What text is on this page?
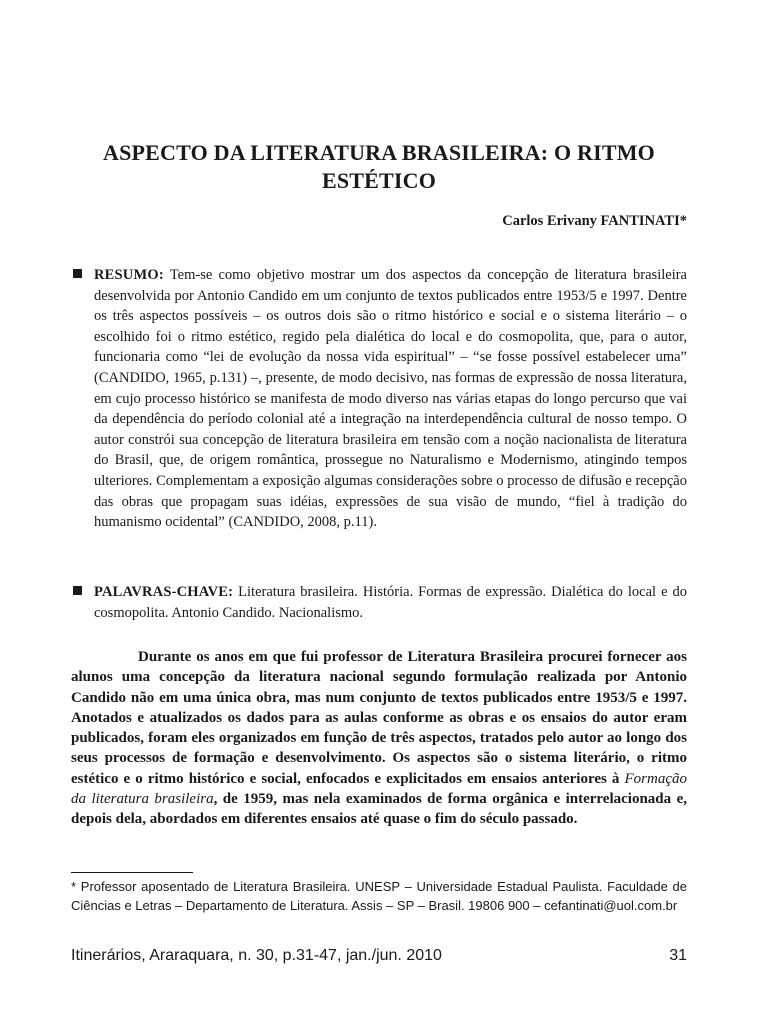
ASPECTO DA LITERATURA BRASILEIRA: O RITMO ESTÉTICO
Carlos Erivany FANTINATI*

RESUMO: Tem-se como objetivo mostrar um dos aspectos da concepção de literatura brasileira desenvolvida por Antonio Candido em um conjunto de textos publicados entre 1953/5 e 1997. Dentre os três aspectos possíveis – os outros dois são o ritmo histórico e social e o sistema literário – o escolhido foi o ritmo estético, regido pela dialética do local e do cosmopolita, que, para o autor, funcionaria como “lei de evolução da nossa vida espiritual” – “se fosse possível estabelecer uma” (CANDIDO, 1965, p.131) –, presente, de modo decisivo, nas formas de expressão de nossa literatura, em cujo processo histórico se manifesta de modo diverso nas várias etapas do longo percurso que vai da dependência do período colonial até a integração na interdependência cultural de nosso tempo. O autor constrói sua concepção de literatura brasileira em tensão com a noção nacionalista de literatura do Brasil, que, de origem romântica, prossegue no Naturalismo e Modernismo, atingindo tempos ulteriores. Complementam a exposição algumas considerações sobre o processo de difusão e recepção das obras que propagam suas idéias, expressões de sua visão de mundo, “fiel à tradição do humanismo ocidental” (CANDIDO, 2008, p.11).

PALAVRAS-CHAVE: Literatura brasileira. História. Formas de expressão. Dialética do local e do cosmopolita. Antonio Candido. Nacionalismo.

Durante os anos em que fui professor de Literatura Brasileira procurei fornecer aos alunos uma concepção da literatura nacional segundo formulação realizada por Antonio Candido não em uma única obra, mas num conjunto de textos publicados entre 1953/5 e 1997. Anotados e atualizados os dados para as aulas conforme as obras e os ensaios do autor eram publicados, foram eles organizados em função de três aspectos, tratados pelo autor ao longo dos seus processos de formação e desenvolvimento. Os aspectos são o sistema literário, o ritmo estético e o ritmo histórico e social, enfocados e explicitados em ensaios anteriores à Formação da literatura brasileira, de 1959, mas nela examinados de forma orgânica e interrelacionada e, depois dela, abordados em diferentes ensaios até quase o fim do século passado.

* Professor aposentado de Literatura Brasileira. UNESP – Universidade Estadual Paulista. Faculdade de Ciências e Letras – Departamento de Literatura. Assis – SP – Brasil. 19806 900 – cefantinati@uol.com.br

Itinerários, Araraquara, n. 30, p.31-47, jan./jun. 2010	31
